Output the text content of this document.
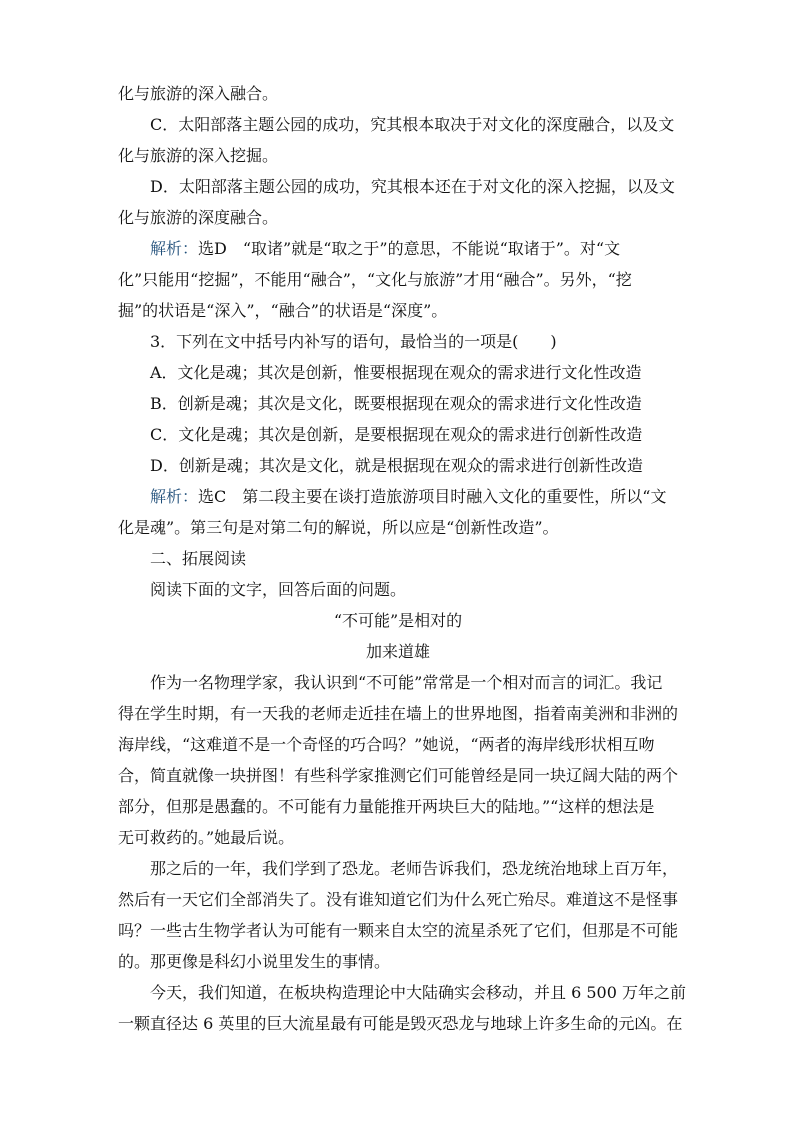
化与旅游的深入融合。
C．太阳部落主题公园的成功，究其根本取决于对文化的深度融合，以及文
化与旅游的深入挖掘。
D．太阳部落主题公园的成功，究其根本还在于对文化的深入挖掘，以及文
化与旅游的深度融合。
解析：选D　“取诸”就是“取之于”的意思，不能说“取诸于”。对“文
化”只能用“挖掘”，不能用“融合”，“文化与旅游”才用“融合”。另外，“挖
掘”的状语是“深入”，“融合”的状语是“深度”。
3．下列在文中括号内补写的语句，最恰当的一项是(　　)
A．文化是魂；其次是创新，惟要根据现在观众的需求进行文化性改造
B．创新是魂；其次是文化，既要根据现在观众的需求进行文化性改造
C．文化是魂；其次是创新，是要根据现在观众的需求进行创新性改造
D．创新是魂；其次是文化，就是根据现在观众的需求进行创新性改造
解析：选C　第二段主要在谈打造旅游项目时融入文化的重要性，所以“文
化是魂”。第三句是对第二句的解说，所以应是“创新性改造”。
二、拓展阅读
阅读下面的文字，回答后面的问题。
“不可能”是相对的
加来道雄
作为一名物理学家，我认识到“不可能”常常是一个相对而言的词汇。我记
得在学生时期，有一天我的老师走近挂在墙上的世界地图，指着南美洲和非洲的
海岸线，“这难道不是一个奇怪的巧合吗？”她说，“两者的海岸线形状相互吻
合，简直就像一块拼图！有些科学家推测它们可能曾经是同一块辽阔大陆的两个
部分，但那是愚蠢的。不可能有力量能推开两块巨大的陆地。”“这样的想法是
无可救药的。”她最后说。
那之后的一年，我们学到了恐龙。老师告诉我们，恐龙统治地球上百万年，
然后有一天它们全部消失了。没有谁知道它们为什么死亡殆尽。难道这不是怪事
吗？一些古生物学者认为可能有一颗来自太空的流星杀死了它们，但那是不可能
的。那更像是科幻小说里发生的事情。
今天，我们知道，在板块构造理论中大陆确实会移动，并且 6 500 万年之前
一颗直径达 6 英里的巨大流星最有可能是毁灭恐龙与地球上许多生命的元凶。在
